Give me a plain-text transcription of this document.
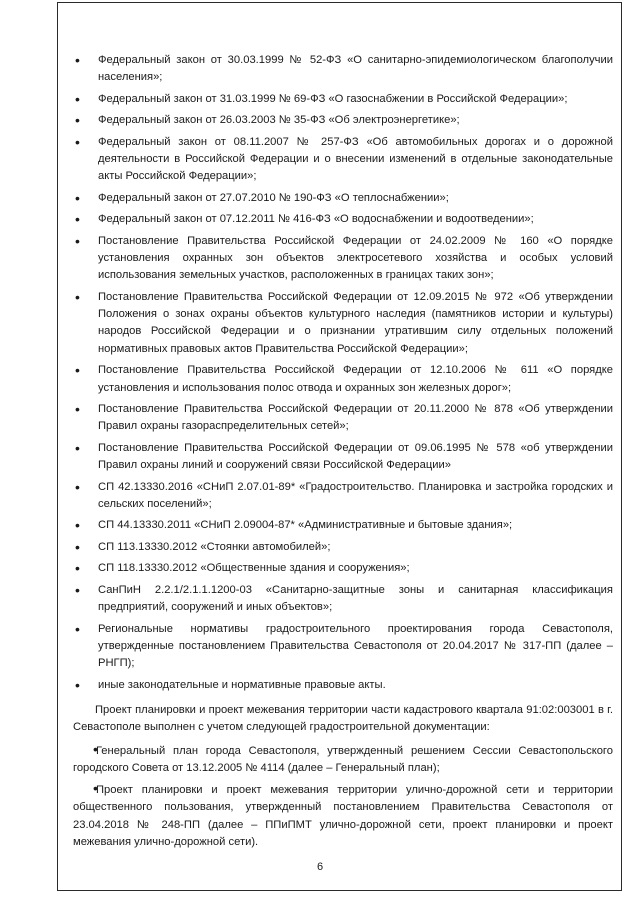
• Федеральный закон от 30.03.1999 № 52-ФЗ «О санитарно-эпидемиологическом благополучии населения»;
• Федеральный закон от 31.03.1999 № 69-ФЗ «О газоснабжении в Российской Федерации»;
• Федеральный закон от 26.03.2003 № 35-ФЗ «Об электроэнергетике»;
• Федеральный закон от 08.11.2007 № 257-ФЗ «Об автомобильных дорогах и о дорожной деятельности в Российской Федерации и о внесении изменений в отдельные законодательные акты Российской Федерации»;
• Федеральный закон от 27.07.2010 № 190-ФЗ «О теплоснабжении»;
• Федеральный закон от 07.12.2011 № 416-ФЗ «О водоснабжении и водоотведении»;
• Постановление Правительства Российской Федерации от 24.02.2009 № 160 «О порядке установления охранных зон объектов электросетевого хозяйства и особых условий использования земельных участков, расположенных в границах таких зон»;
• Постановление Правительства Российской Федерации от 12.09.2015 № 972 «Об утверждении Положения о зонах охраны объектов культурного наследия (памятников истории и культуры) народов Российской Федерации и о признании утратившим силу отдельных положений нормативных правовых актов Правительства Российской Федерации»;
• Постановление Правительства Российской Федерации от 12.10.2006 № 611 «О порядке установления и использования полос отвода и охранных зон железных дорог»;
• Постановление Правительства Российской Федерации от 20.11.2000 № 878 «Об утверждении Правил охраны газораспределительных сетей»;
• Постановление Правительства Российской Федерации от 09.06.1995 № 578 «об утверждении Правил охраны линий и сооружений связи Российской Федерации»
• СП 42.13330.2016 «СНиП 2.07.01-89* «Градостроительство. Планировка и застройка городских и сельских поселений»;
• СП 44.13330.2011 «СНиП 2.09004-87* «Административные и бытовые здания»;
• СП 113.13330.2012 «Стоянки автомобилей»;
• СП 118.13330.2012 «Общественные здания и сооружения»;
• СанПиН 2.2.1/2.1.1.1200-03 «Санитарно-защитные зоны и санитарная классификация предприятий, сооружений и иных объектов»;
• Региональные нормативы градостроительного проектирования города Севастополя, утвержденные постановлением Правительства Севастополя от 20.04.2017 № 317-ПП (далее – РНГП);
• иные законодательные и нормативные правовые акты.

Проект планировки и проект межевания территории части кадастрового квартала 91:02:003001 в г. Севастополе выполнен с учетом следующей градостроительной документации:

•Генеральный план города Севастополя, утвержденный решением Сессии Севастопольского городского Совета от 13.12.2005 № 4114 (далее – Генеральный план);

•Проект планировки и проект межевания территории улично-дорожной сети и территории общественного пользования, утвержденный постановлением Правительства Севастополя от 23.04.2018 № 248-ПП (далее – ППиПМТ улично-дорожной сети, проект планировки и проект межевания улично-дорожной сети).

6
